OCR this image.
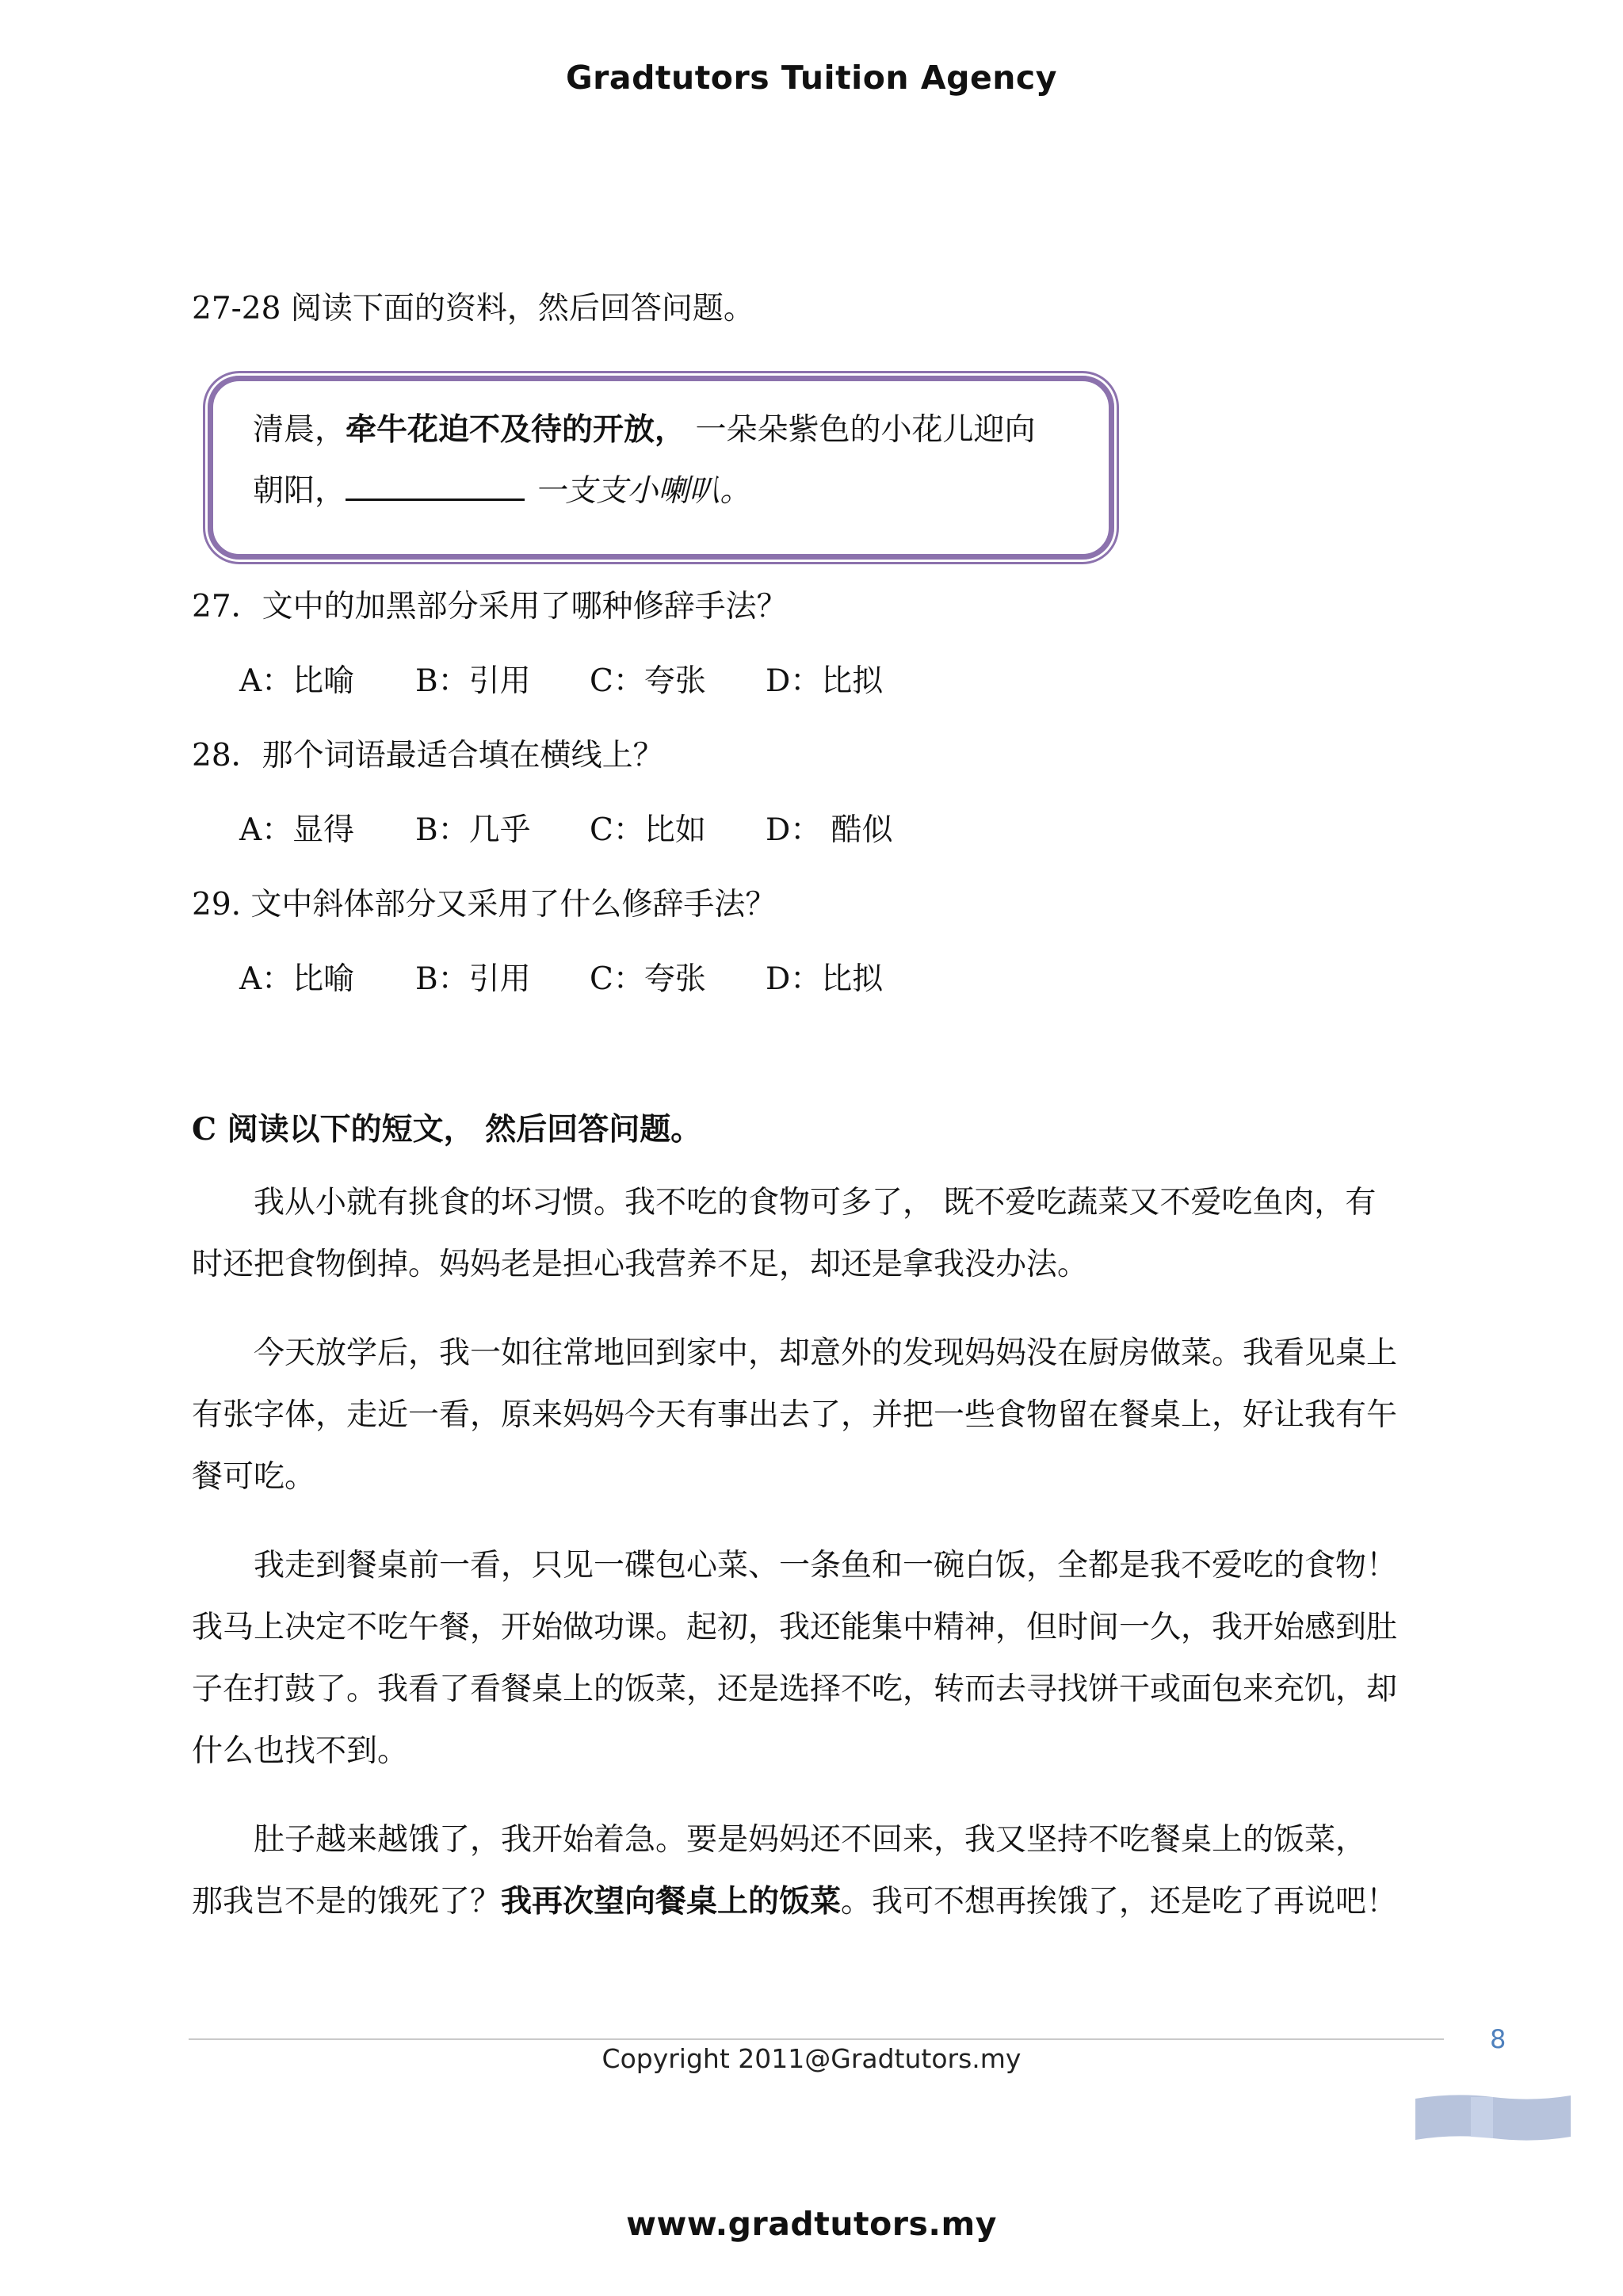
Gradtutors Tuition Agency
27-28 阅读下面的资料，然后回答问题。
清晨，牵牛花迫不及待的开放， 一朵朵紫色的小花儿迎向
朝阳，	一支支小喇叭。
27．文中的加黑部分采用了哪种修辞手法？
A：比喻 B：引用 C：夸张 D：比拟
28．那个词语最适合填在横线上？
A：显得 B：几乎 C：比如 D： 酷似
29. 文中斜体部分又采用了什么修辞手法？
A：比喻 B：引用 C：夸张 D：比拟
C 阅读以下的短文， 然后回答问题。
我从小就有挑食的坏习惯。我不吃的食物可多了， 既不爱吃蔬菜又不爱吃鱼肉，有
时还把食物倒掉。妈妈老是担心我营养不足，却还是拿我没办法。
今天放学后，我一如往常地回到家中，却意外的发现妈妈没在厨房做菜。我看见桌上
有张字体，走近一看，原来妈妈今天有事出去了，并把一些食物留在餐桌上，好让我有午
餐可吃。
我走到餐桌前一看，只见一碟包心菜、一条鱼和一碗白饭，全都是我不爱吃的食物！
我马上决定不吃午餐，开始做功课。起初，我还能集中精神，但时间一久，我开始感到肚
子在打鼓了。我看了看餐桌上的饭菜，还是选择不吃，转而去寻找饼干或面包来充饥，却
什么也找不到。
肚子越来越饿了，我开始着急。要是妈妈还不回来，我又坚持不吃餐桌上的饭菜，
那我岂不是的饿死了？我再次望向餐桌上的饭菜。我可不想再挨饿了，还是吃了再说吧！
8
Copyright 2011@Gradtutors.my
www.gradtutors.my
